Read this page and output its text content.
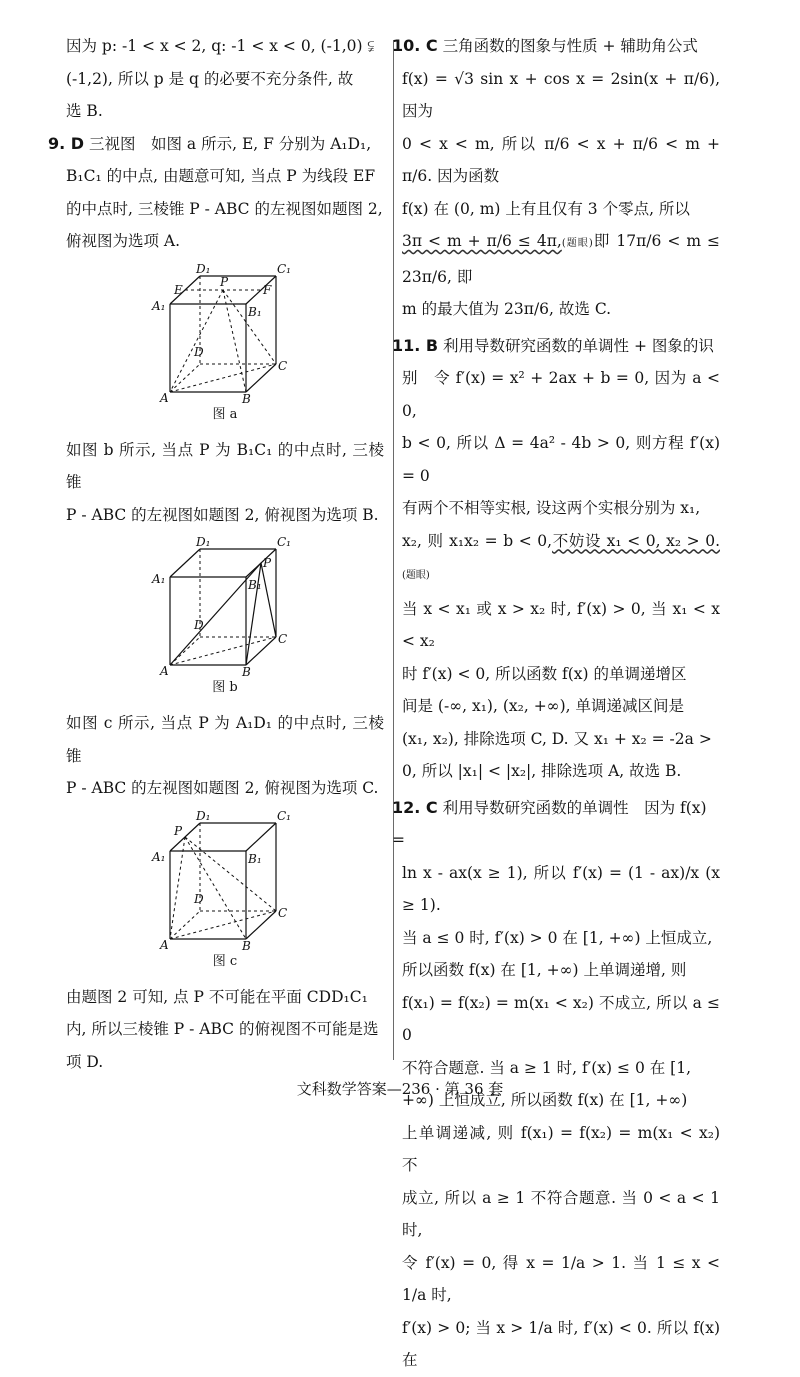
因为 p: -1 < x < 2, q: -1 < x < 0, (-1,0) ⫋

(-1,2), 所以 p 是 q 的必要不充分条件, 故

选 B.

9. D 三视图　如图 a 所示, E, F 分别为 A₁D₁,

B₁C₁ 的中点, 由题意可知, 当点 P 为线段 EF

的中点时, 三棱锥 P - ABC 的左视图如题图 2,

俯视图为选项 A.

D₁	C₁
E
P
F
A₁	B₁
D
C
A	B
图 a

如图 b 所示, 当点 P 为 B₁C₁ 的中点时, 三棱锥

P - ABC 的左视图如题图 2, 俯视图为选项 B.

D₁	C₁
P
A₁	B₁
D
C
A	B
图 b

如图 c 所示, 当点 P 为 A₁D₁ 的中点时, 三棱锥

P - ABC 的左视图如题图 2, 俯视图为选项 C.

D₁	C₁
P
A₁	B₁
D
C
A	B
图 c

由题图 2 可知, 点 P 不可能在平面 CDD₁C₁

内, 所以三棱锥 P - ABC 的俯视图不可能是选

项 D.

10. C 三角函数的图象与性质 + 辅助角公式

f(x) = √3 sin x + cos x = 2sin(x + π/6), 因为

0 < x < m, 所以 π/6 < x + π/6 < m + π/6. 因为函数

f(x) 在 (0, m) 上有且仅有 3 个零点, 所以

3π < m + π/6 ≤ 4π,(题眼)即 17π/6 < m ≤ 23π/6, 即

m 的最大值为 23π/6, 故选 C.

11. B 利用导数研究函数的单调性 + 图象的识

别　令 f′(x) = x² + 2ax + b = 0, 因为 a < 0,

b < 0, 所以 Δ = 4a² - 4b > 0, 则方程 f′(x) = 0

有两个不相等实根, 设这两个实根分别为 x₁,

x₂, 则 x₁x₂ = b < 0,不妨设 x₁ < 0, x₂ > 0.(题眼)

当 x < x₁ 或 x > x₂ 时, f′(x) > 0, 当 x₁ < x < x₂

时 f′(x) < 0, 所以函数 f(x) 的单调递增区

间是 (-∞, x₁), (x₂, +∞), 单调递减区间是

(x₁, x₂), 排除选项 C, D. 又 x₁ + x₂ = -2a >

0, 所以 |x₁| < |x₂|, 排除选项 A, 故选 B.

12. C 利用导数研究函数的单调性　因为 f(x) =

ln x - ax(x ≥ 1), 所以 f′(x) = (1 - ax)/x (x ≥ 1).

当 a ≤ 0 时, f′(x) > 0 在 [1, +∞) 上恒成立,

所以函数 f(x) 在 [1, +∞) 上单调递增, 则

f(x₁) = f(x₂) = m(x₁ < x₂) 不成立, 所以 a ≤ 0

不符合题意. 当 a ≥ 1 时, f′(x) ≤ 0 在 [1,

+∞) 上恒成立, 所以函数 f(x) 在 [1, +∞)

上单调递减, 则 f(x₁) = f(x₂) = m(x₁ < x₂) 不

成立, 所以 a ≥ 1 不符合题意. 当 0 < a < 1 时,

令 f′(x) = 0, 得 x = 1/a > 1. 当 1 ≤ x < 1/a 时,

f′(x) > 0; 当 x > 1/a 时, f′(x) < 0. 所以 f(x) 在

文科数学答案—236 · 第 36 套
